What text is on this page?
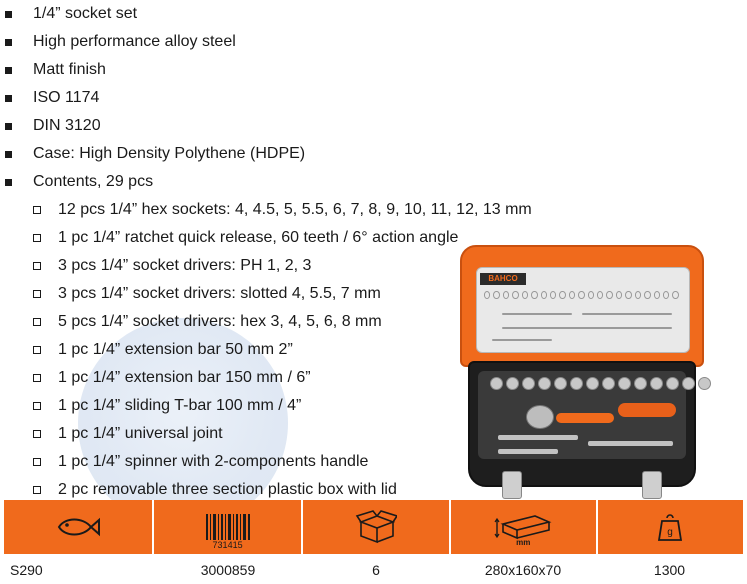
1/4” socket set
High performance alloy steel
Matt finish
ISO 1174
DIN 3120
Case: High Density Polythene (HDPE)
Contents, 29 pcs
12 pcs 1/4” hex sockets: 4, 4.5, 5, 5.5, 6, 7, 8, 9, 10, 11, 12, 13 mm
1 pc 1/4” ratchet quick release, 60 teeth / 6° action angle
3 pcs 1/4” socket drivers: PH 1, 2, 3
3 pcs 1/4” socket drivers: slotted 4, 5.5, 7 mm
5 pcs 1/4” socket drivers: hex 3, 4, 5, 6, 8 mm
1 pc 1/4” extension bar 50 mm 2”
1 pc 1/4” extension bar 150 mm / 6”
1 pc 1/4” sliding T-bar 100 mm / 4”
1 pc 1/4” universal joint
1 pc 1/4” spinner with 2-components handle
2 pc removable three section plastic box with lid
BAHCO
731415	mm
g
S290	3000859	6	280x160x70	1300
